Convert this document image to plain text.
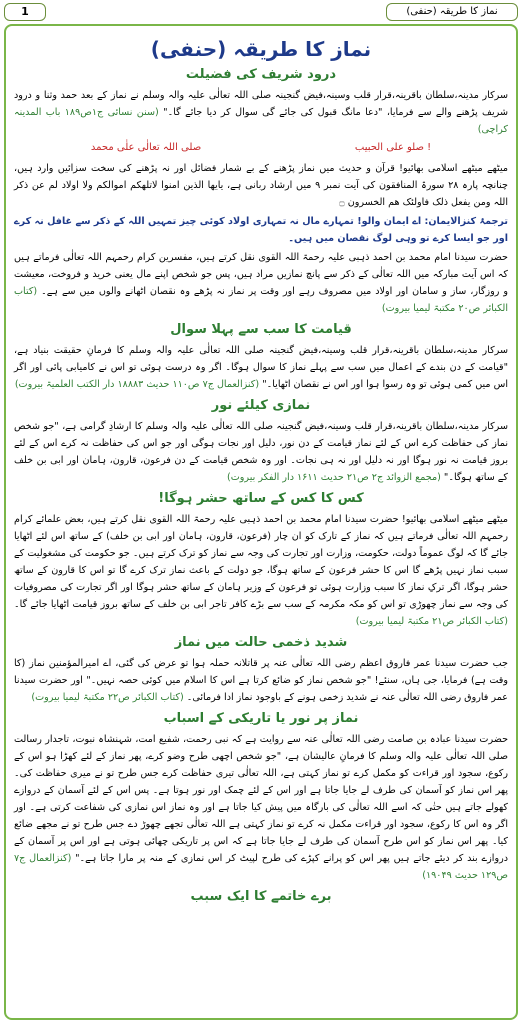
1	نماز کا طریقہ (حنفی)
نماز کا طریقہ (حنفی)
درود شریف کی فضیلت

سرکار مدینہ،سلطان باقرینہ،قرار قلب وسینہ،فیض گنجینہ صلی اللہ تعالٰی علیہ والہ وسلم نے نماز کے بعد حمد وثنا و درود شریف پڑھنے والے سے فرمایا، "دعا مانگ قبول کی جائے گی سوال کر دیا جائے گا۔" (سنن نسائی ج۱ص۱۸۹ باب المدینہ کراچی)

صلی اللہ تعالٰی علٰی محمد	صلو علی الحبیب !

میٹھے میٹھے اسلامی بھائیو! قرآن و حدیث میں نماز پڑھنے کے بے شمار فضائل اور نہ پڑھنے کی سخت سزائیں وارد ہیں، چنانچہ پارہ ۲۸ سورۃ المنافقون کی آیت نمبر ۹ میں ارشاد ربانی ہے، یایھا الذین امنوا لاتلھکم اموالکم ولا اولاد لم عن ذکر اللہ ومن یفعل ذلک فاولئک ھم الخسرون ۝

ترجمۂ کنزالایمان: اے ایمان والو! تمہارے مال نہ تمہاری اولاد کوئی چیز تمہیں اللہ کے ذکر سے غافل نہ کرے اور جو ایسا کرے تو وہی لوگ نقصان میں ہیں۔

حضرت سیدنا امام محمد بن احمد ذہبی علیہ رحمۃ اللہ القوی نقل کرتے ہیں، مفسرین کرام رحمہم اللہ تعالٰی فرماتے ہیں کہ اس آیت مبارکہ میں اللہ تعالٰی کے ذکر سے پانچ نمازیں مراد ہیں، پس جو شخص اپنے مال یعنی خرید و فروخت، معیشت و روزگار، ساز و سامان اور اولاد میں مصروف رہے اور وقت پر نماز نہ پڑھے وہ نقصان اٹھانے والوں میں سے ہے۔ (کتاب الکبائر ص۲۰ مکتبۃ لیمیا بیروت)

قیامت کا سب سے پہلا سوال

سرکار مدینہ،سلطان باقرینہ،قرار قلب وسینہ،فیض گنجینہ صلی اللہ تعالٰی علیہ والہ وسلم کا فرمانِ حقیقت بنیاد ہے، "قیامت کے دن بندے کے اعمال میں سب سے پہلے نماز کا سوال ہوگا۔ اگر وہ درست ہوئی تو اس نے کامیابی پائی اور اگر اس میں کمی ہوئی تو وہ رسوا ہوا اور اس نے نقصان اٹھایا۔" (کنزالعمال ج۷ ص۱۱۰ حدیث ۱۸۸۸۳ دار الکتب العلمیۃ بیروت)

نمازی کیلئے نور

سرکار مدینہ،سلطان باقرینہ،قرار قلب وسینہ،فیض گنجینہ صلی اللہ تعالٰی علیہ والہ وسلم کا ارشادِ گرامی ہے، "جو شخص نماز کی حفاظت کرے اس کے لئے نماز قیامت کے دن نور، دلیل اور نجات ہوگی اور جو اس کی حفاظت نہ کرے اس کے لئے بروز قیامت نہ نور ہوگا اور نہ دلیل اور نہ ہی نجات۔ اور وہ شخص قیامت کے دن فرعون، قارون، ہامان اور ابی بن خلف کے ساتھ ہوگا۔" (مجمع الزوائد ج۲ ص۲۱ حدیث ۱۶۱۱ دار الفکر بیروت)

کس کا کس کے ساتھ حشر ہوگا!

میٹھے میٹھے اسلامی بھائیو! حضرت سیدنا امام محمد بن احمد ذہبی علیہ رحمۃ اللہ القوی نقل کرتے ہیں، بعض علمائے کرام رحمہم اللہ تعالٰی فرماتے ہیں کہ نماز کے تارک کو ان چار (فرعون، قارون، ہامان اور ابی بن خلف) کے ساتھ اس لئے اٹھایا جائے گا کہ لوگ عموماً دولت، حکومت، وزارت اور تجارت کی وجہ سے نماز کو ترک کرتے ہیں۔ جو حکومت کی مشغولیت کے سبب نماز نہیں پڑھے گا اس کا حشر فرعون کے ساتھ ہوگا، جو دولت کے باعث نماز ترک کرے گا تو اس کا قارون کے ساتھ حشر ہوگا، اگر ترکِ نماز کا سبب وزارت ہوئی تو فرعون کے وزیر ہامان کے ساتھ حشر ہوگا اور اگر تجارت کی مصروفیات کی وجہ سے نماز چھوڑی تو اس کو مکہ مکرمہ کے سب سے بڑے کافر تاجر ابی بن خلف کے ساتھ بروز قیامت اٹھایا جائے گا۔ (کتاب الکبائر ص۲۱ مکتبۃ لیمیا بیروت)

شدید ذخمی حالت میں نماز

جب حضرت سیدنا عمر فاروق اعظم رضی اللہ تعالٰی عنہ پر قاتلانہ حملہ ہوا تو عرض کی گئی، اے امیرالمؤمنین نماز (کا وقت ہے) فرمایا، جی ہاں، سنئے! "جو شخص نماز کو ضائع کرتا ہے اس کا اسلام میں کوئی حصہ نہیں۔" اور حضرت سیدنا عمر فاروق رضی اللہ تعالٰی عنہ نے شدید زخمی ہونے کے باوجود نماز ادا فرمائی۔ (کتاب الکبائر ص۲۲ مکتبۃ لیمیا بیروت)

نماز پر نور یا تاریکی کے اسباب

حضرت سیدنا عبادہ بن صامت رضی اللہ تعالٰی عنہ سے روایت ہے کہ نبی رحمت، شفیع امت، شہنشاہ نبوت، تاجدار رسالت صلی اللہ تعالٰی علیہ والہ وسلم کا فرمانِ عالیشان ہے، "جو شخص اچھی طرح وضو کرے، پھر نماز کے لئے کھڑا ہو اس کے رکوع، سجود اور قراءت کو مکمل کرے تو نماز کہتی ہے، اللہ تعالٰی تیری حفاظت کرے جس طرح تو نے میری حفاظت کی۔ پھر اس نماز کو آسمان کی طرف لے جایا جاتا ہے اور اس کے لئے چمک اور نور ہوتا ہے۔ پس اس کے لئے آسمان کے دروازے کھولے جاتے ہیں حتٰی کہ اسے اللہ تعالٰی کی بارگاہ میں پیش کیا جاتا ہے اور وہ نماز اس نمازی کی شفاعت کرتی ہے۔ اور اگر وہ اس کا رکوع، سجود اور قراءت مکمل نہ کرے تو نماز کہتی ہے اللہ تعالٰی تجھے چھوڑ دے جس طرح تو نے مجھے ضائع کیا۔ پھر اس نماز کو اس طرح آسمان کی طرف لے جایا جاتا ہے کہ اس پر تاریکی چھائی ہوتی ہے اور اس پر آسمان کے دروازے بند کر دیئے جاتے ہیں پھر اس کو پرانے کپڑے کی طرح لپیٹ کر اس نمازی کے منہ پر مارا جاتا ہے۔" (کنزالعمال ج۷ ص۱۲۹ حدیث ۱۹۰۴۹)

برے خاتمے کا ایک سبب
